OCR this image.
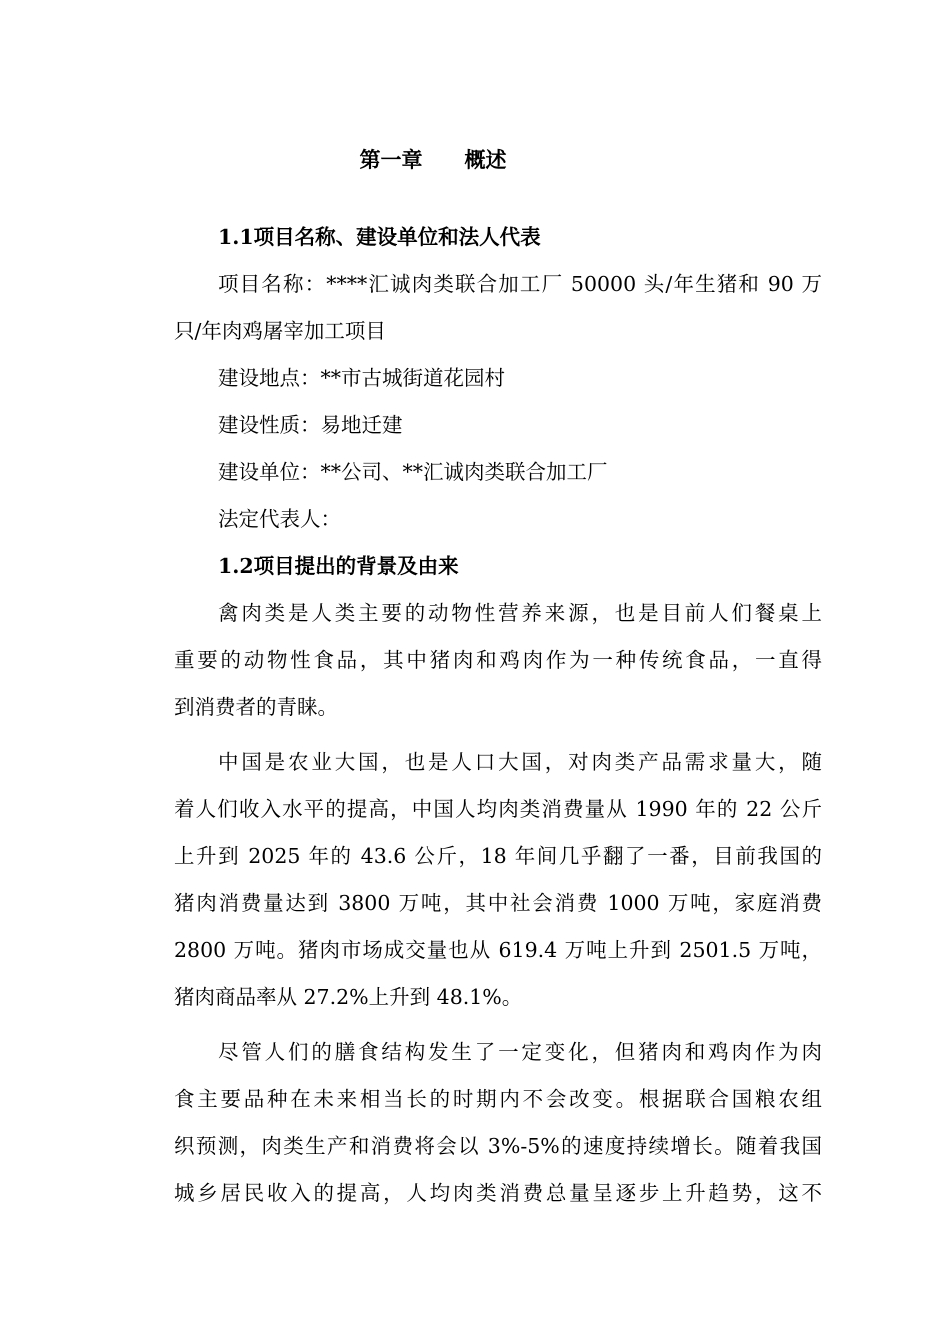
第一章　　概述
1.1项目名称、建设单位和法人代表
项目名称：****汇诚肉类联合加工厂 50000 头/年生猪和 90 万
只/年肉鸡屠宰加工项目
建设地点：**市古城街道花园村
建设性质：易地迁建
建设单位：**公司、**汇诚肉类联合加工厂
法定代表人：
1.2项目提出的背景及由来
禽肉类是人类主要的动物性营养来源，也是目前人们餐桌上
重要的动物性食品，其中猪肉和鸡肉作为一种传统食品，一直得
到消费者的青睐。
中国是农业大国，也是人口大国，对肉类产品需求量大，随
着人们收入水平的提高，中国人均肉类消费量从 1990 年的 22 公斤
上升到 2025 年的 43.6 公斤，18 年间几乎翻了一番，目前我国的
猪肉消费量达到 3800 万吨，其中社会消费 1000 万吨，家庭消费
2800 万吨。猪肉市场成交量也从 619.4 万吨上升到 2501.5 万吨，
猪肉商品率从 27.2%上升到 48.1%。
尽管人们的膳食结构发生了一定变化，但猪肉和鸡肉作为肉
食主要品种在未来相当长的时期内不会改变。根据联合国粮农组
织预测，肉类生产和消费将会以 3%-5%的速度持续增长。随着我国
城乡居民收入的提高，人均肉类消费总量呈逐步上升趋势，这不
